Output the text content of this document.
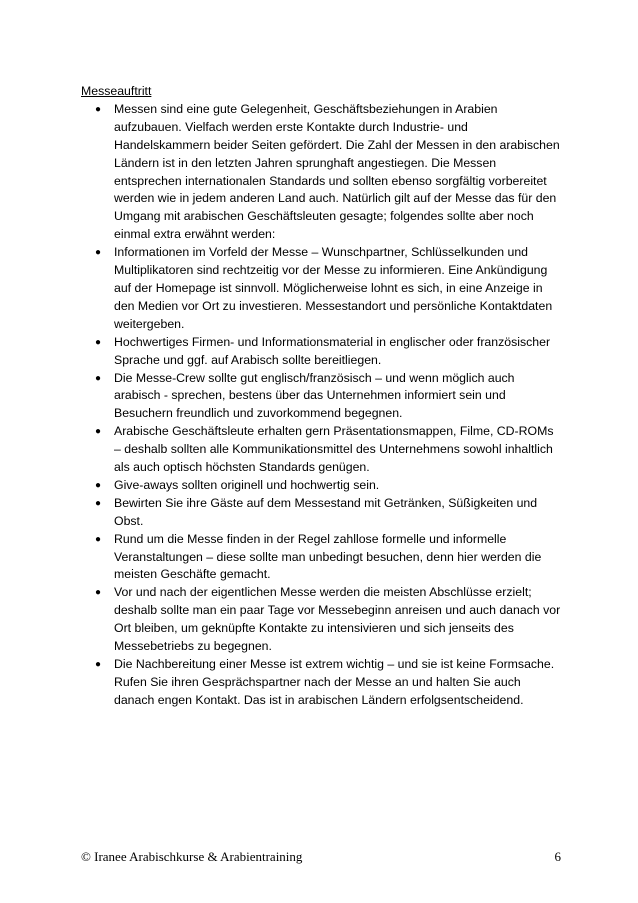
Messeauftritt

● Messen sind eine gute Gelegenheit, Geschäftsbeziehungen in Arabien aufzubauen. Vielfach werden erste Kontakte durch Industrie- und Handelskammern beider Seiten gefördert. Die Zahl der Messen in den arabischen Ländern ist in den letzten Jahren sprunghaft angestiegen. Die Messen entsprechen internationalen Standards und sollten ebenso sorgfältig vorbereitet werden wie in jedem anderen Land auch. Natürlich gilt auf der Messe das für den Umgang mit arabischen Geschäftsleuten gesagte; folgendes sollte aber noch einmal extra erwähnt werden:
● Informationen im Vorfeld der Messe – Wunschpartner, Schlüsselkunden und Multiplikatoren sind rechtzeitig vor der Messe zu informieren. Eine Ankündigung auf der Homepage ist sinnvoll. Möglicherweise lohnt es sich, in eine Anzeige in den Medien vor Ort zu investieren. Messestandort und persönliche Kontaktdaten weitergeben.
● Hochwertiges Firmen- und Informationsmaterial in englischer oder französischer Sprache und ggf. auf Arabisch sollte bereitliegen.
● Die Messe-Crew sollte gut englisch/französisch – und wenn möglich auch arabisch - sprechen, bestens über das Unternehmen informiert sein und Besuchern freundlich und zuvorkommend begegnen.
● Arabische Geschäftsleute erhalten gern Präsentationsmappen, Filme, CD-ROMs – deshalb sollten alle Kommunikationsmittel des Unternehmens sowohl inhaltlich als auch optisch höchsten Standards genügen.
● Give-aways sollten originell und hochwertig sein.
● Bewirten Sie ihre Gäste auf dem Messestand mit Getränken, Süßigkeiten und Obst.
● Rund um die Messe finden in der Regel zahllose formelle und informelle Veranstaltungen – diese sollte man unbedingt besuchen, denn hier werden die meisten Geschäfte gemacht.
● Vor und nach der eigentlichen Messe werden die meisten Abschlüsse erzielt; deshalb sollte man ein paar Tage vor Messebeginn anreisen und auch danach vor Ort bleiben, um geknüpfte Kontakte zu intensivieren und sich jenseits des Messebetriebs zu begegnen.
● Die Nachbereitung einer Messe ist extrem wichtig – und sie ist keine Formsache. Rufen Sie ihren Gesprächspartner nach der Messe an und halten Sie auch danach engen Kontakt. Das ist in arabischen Ländern erfolgsentscheidend.
© Iranee Arabischkurse & Arabientraining	6
